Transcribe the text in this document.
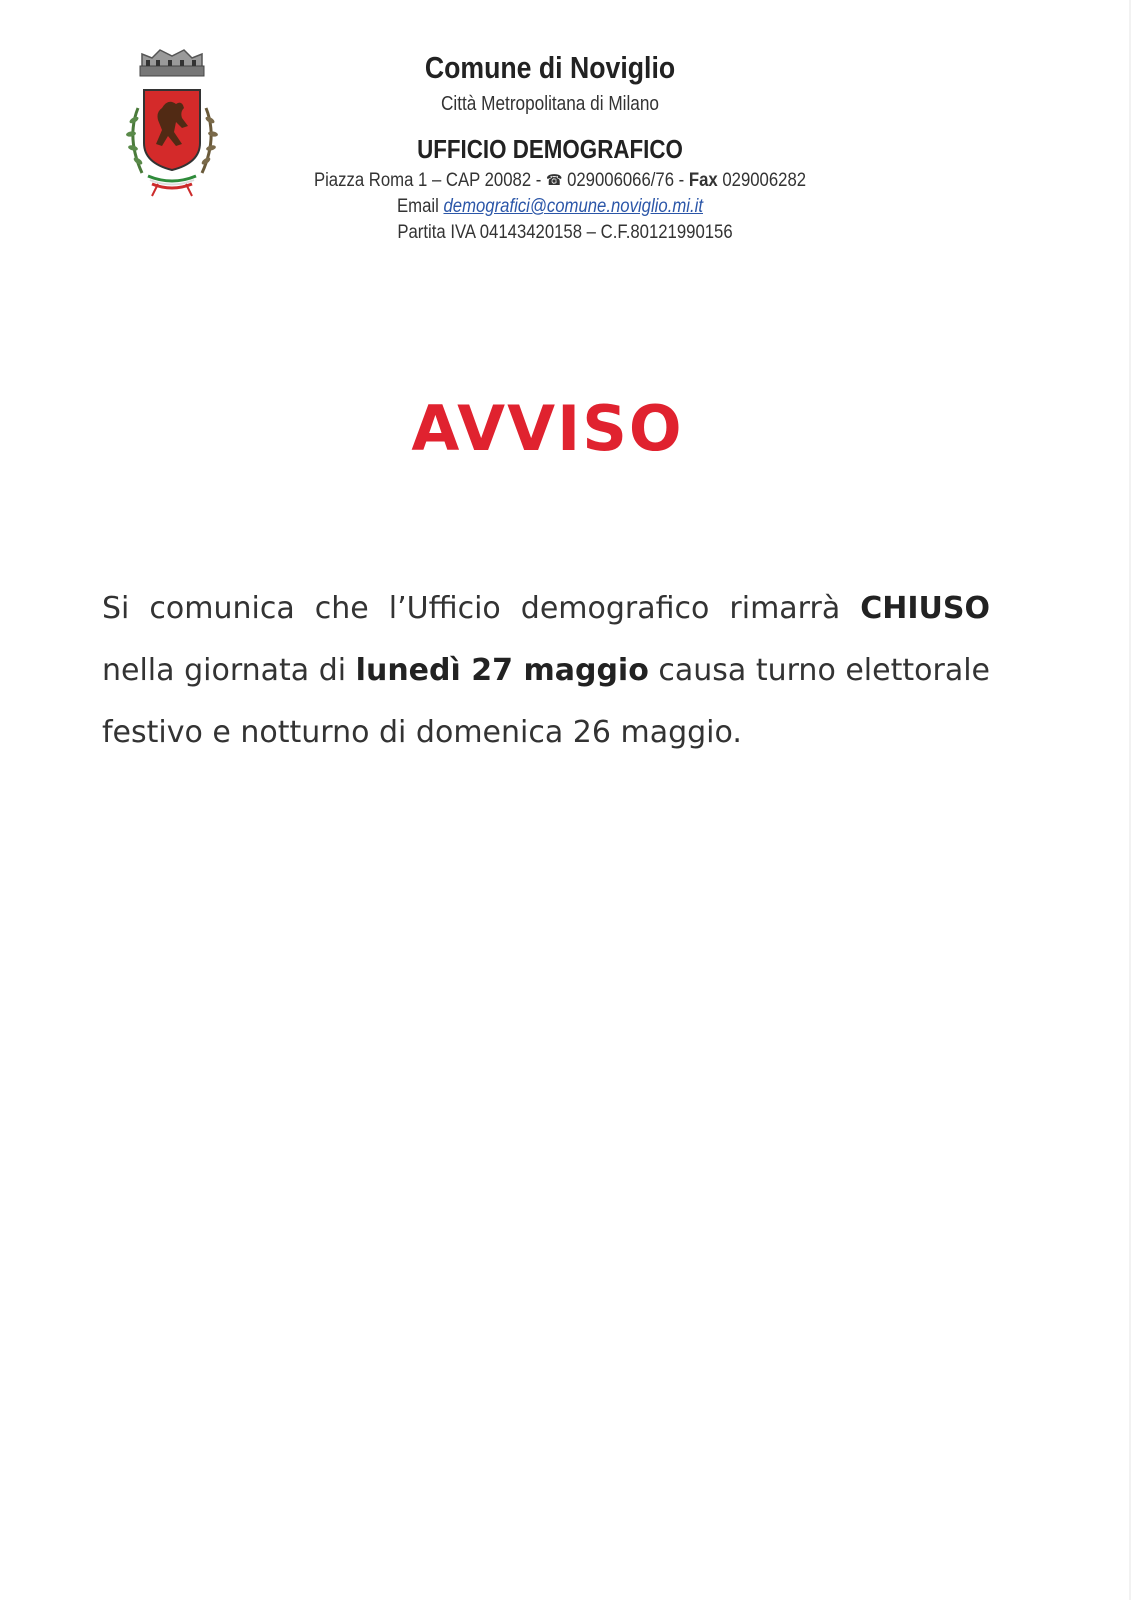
Comune di Noviglio
Città Metropolitana di Milano
UFFICIO DEMOGRAFICO
Piazza Roma 1 – CAP 20082 - ☎ 029006066/76 - Fax 029006282
Email demografici@comune.noviglio.mi.it
Partita IVA 04143420158 – C.F.80121990156
AVVISO

Si comunica che l’Ufficio demografico rimarrà CHIUSO nella giornata di lunedì 27 maggio causa turno elettorale festivo e notturno di domenica 26 maggio.
